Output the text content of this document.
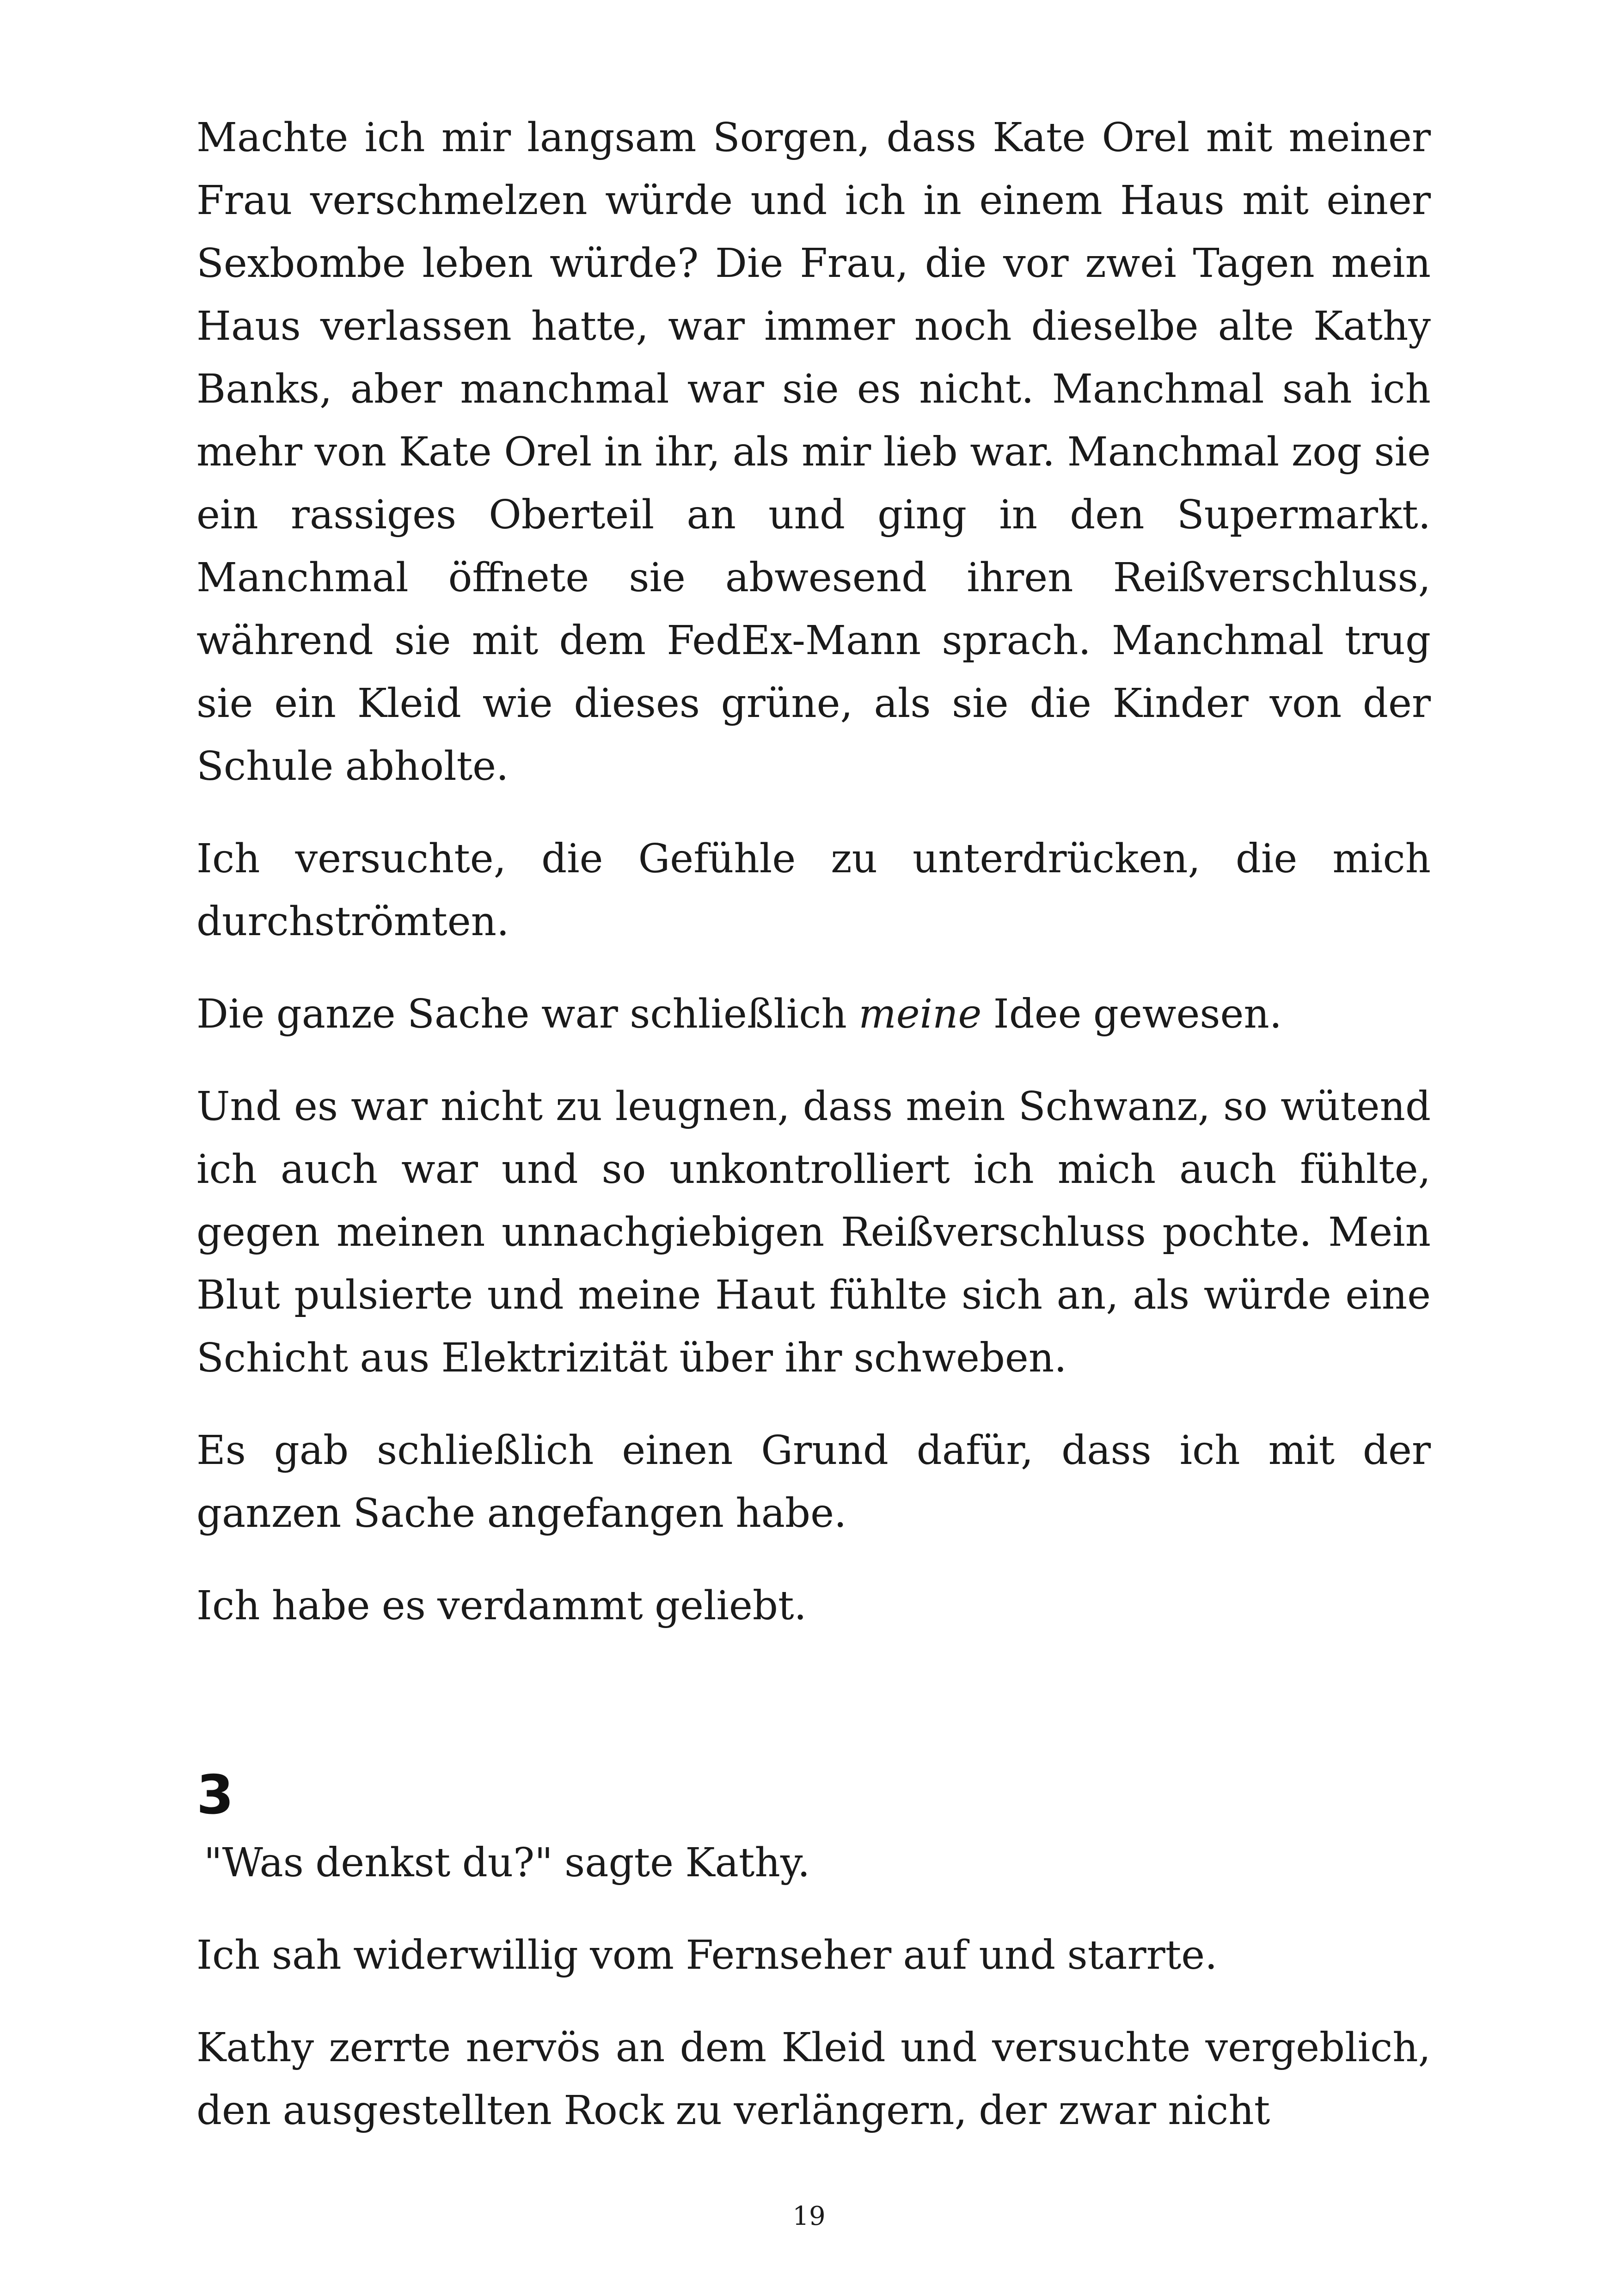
Machte ich mir langsam Sorgen, dass Kate Orel mit meiner Frau verschmelzen würde und ich in einem Haus mit einer Sexbombe leben würde? Die Frau, die vor zwei Tagen mein Haus verlassen hatte, war immer noch dieselbe alte Kathy Banks, aber manchmal war sie es nicht. Manchmal sah ich mehr von Kate Orel in ihr, als mir lieb war. Manchmal zog sie ein rassiges Oberteil an und ging in den Supermarkt. Manchmal öffnete sie abwesend ihren Reißverschluss, während sie mit dem FedEx-Mann sprach. Manchmal trug sie ein Kleid wie dieses grüne, als sie die Kinder von der Schule abholte.

Ich versuchte, die Gefühle zu unterdrücken, die mich durchströmten.

Die ganze Sache war schließlich meine Idee gewesen.

Und es war nicht zu leugnen, dass mein Schwanz, so wütend ich auch war und so unkontrolliert ich mich auch fühlte, gegen meinen unnachgiebigen Reißverschluss pochte. Mein Blut pulsierte und meine Haut fühlte sich an, als würde eine Schicht aus Elektrizität über ihr schweben.

Es gab schließlich einen Grund dafür, dass ich mit der ganzen Sache angefangen habe.

Ich habe es verdammt geliebt.

3

"Was denkst du?" sagte Kathy.

Ich sah widerwillig vom Fernseher auf und starrte.

Kathy zerrte nervös an dem Kleid und versuchte vergeblich, den ausgestellten Rock zu verlängern, der zwar nicht

19
